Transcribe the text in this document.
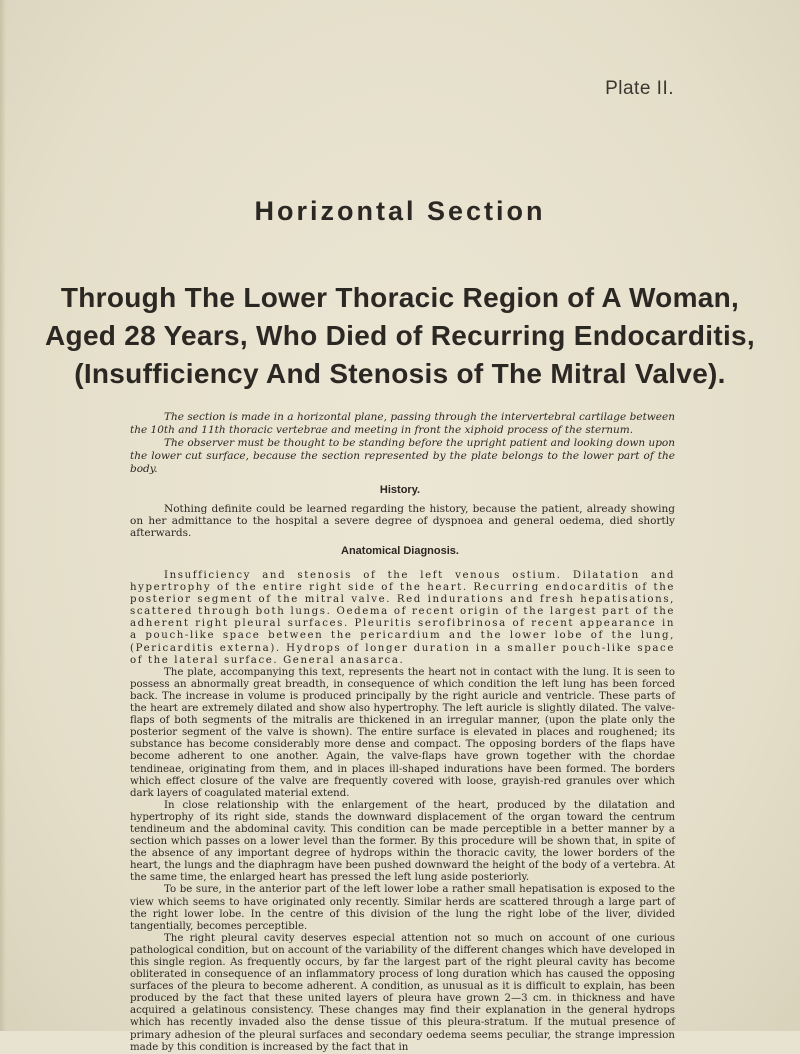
Plate II.
Horizontal Section
Through The Lower Thoracic Region of A Woman,
Aged 28 Years, Who Died of Recurring Endocarditis,
(Insufficiency And Stenosis of The Mitral Valve).

The section is made in a horizontal plane, passing through the intervertebral cartilage between the 10th and 11th thoracic vertebrae and meeting in front the xiphoid process of the sternum.

The observer must be thought to be standing before the upright patient and looking down upon the lower cut surface, because the section represented by the plate belongs to the lower part of the body.

History.

Nothing definite could be learned regarding the history, because the patient, already showing on her admittance to the hospital a severe degree of dyspnoea and general oedema, died shortly afterwards.

Anatomical Diagnosis.

Insufficiency and stenosis of the left venous ostium. Dilatation and hypertrophy of the entire right side of the heart. Recurring endocarditis of the posterior segment of the mitral valve. Red indurations and fresh hepatisations, scattered through both lungs. Oedema of recent origin of the largest part of the adherent right pleural surfaces. Pleuritis serofibrinosa of recent appearance in a pouch-like space between the pericardium and the lower lobe of the lung, (Pericarditis externa). Hydrops of longer duration in a smaller pouch-like space of the lateral surface. General anasarca.

The plate, accompanying this text, represents the heart not in contact with the lung. It is seen to possess an abnormally great breadth, in consequence of which condition the left lung has been forced back. The increase in volume is produced principally by the right auricle and ventricle. These parts of the heart are extremely dilated and show also hypertrophy. The left auricle is slightly dilated. The valve-flaps of both segments of the mitralis are thickened in an irregular manner, (upon the plate only the posterior segment of the valve is shown). The entire surface is elevated in places and roughened; its substance has become considerably more dense and compact. The opposing borders of the flaps have become adherent to one another. Again, the valve-flaps have grown together with the chordae tendineae, originating from them, and in places ill-shaped indurations have been formed. The borders which effect closure of the valve are frequently covered with loose, grayish-red granules over which dark layers of coagulated material extend.

In close relationship with the enlargement of the heart, produced by the dilatation and hypertrophy of its right side, stands the downward displacement of the organ toward the centrum tendineum and the abdominal cavity. This condition can be made perceptible in a better manner by a section which passes on a lower level than the former. By this procedure will be shown that, in spite of the absence of any important degree of hydrops within the thoracic cavity, the lower borders of the heart, the lungs and the diaphragm have been pushed downward the height of the body of a vertebra. At the same time, the enlarged heart has pressed the left lung aside posteriorly.

To be sure, in the anterior part of the left lower lobe a rather small hepatisation is exposed to the view which seems to have originated only recently. Similar herds are scattered through a large part of the right lower lobe. In the centre of this division of the lung the right lobe of the liver, divided tangentially, becomes perceptible.

The right pleural cavity deserves especial attention not so much on account of one curious pathological condition, but on account of the variability of the different changes which have developed in this single region. As frequently occurs, by far the largest part of the right pleural cavity has become obliterated in consequence of an inflammatory process of long duration which has caused the opposing surfaces of the pleura to become adherent. A condition, as unusual as it is difficult to explain, has been produced by the fact that these united layers of pleura have grown 2—3 cm. in thickness and have acquired a gelatinous consistency. These changes may find their explanation in the general hydrops which has recently invaded also the dense tissue of this pleura-stratum. If the mutual presence of primary adhesion of the pleural surfaces and secondary oedema seems peculiar, the strange impression made by this condition is increased by the fact that in
